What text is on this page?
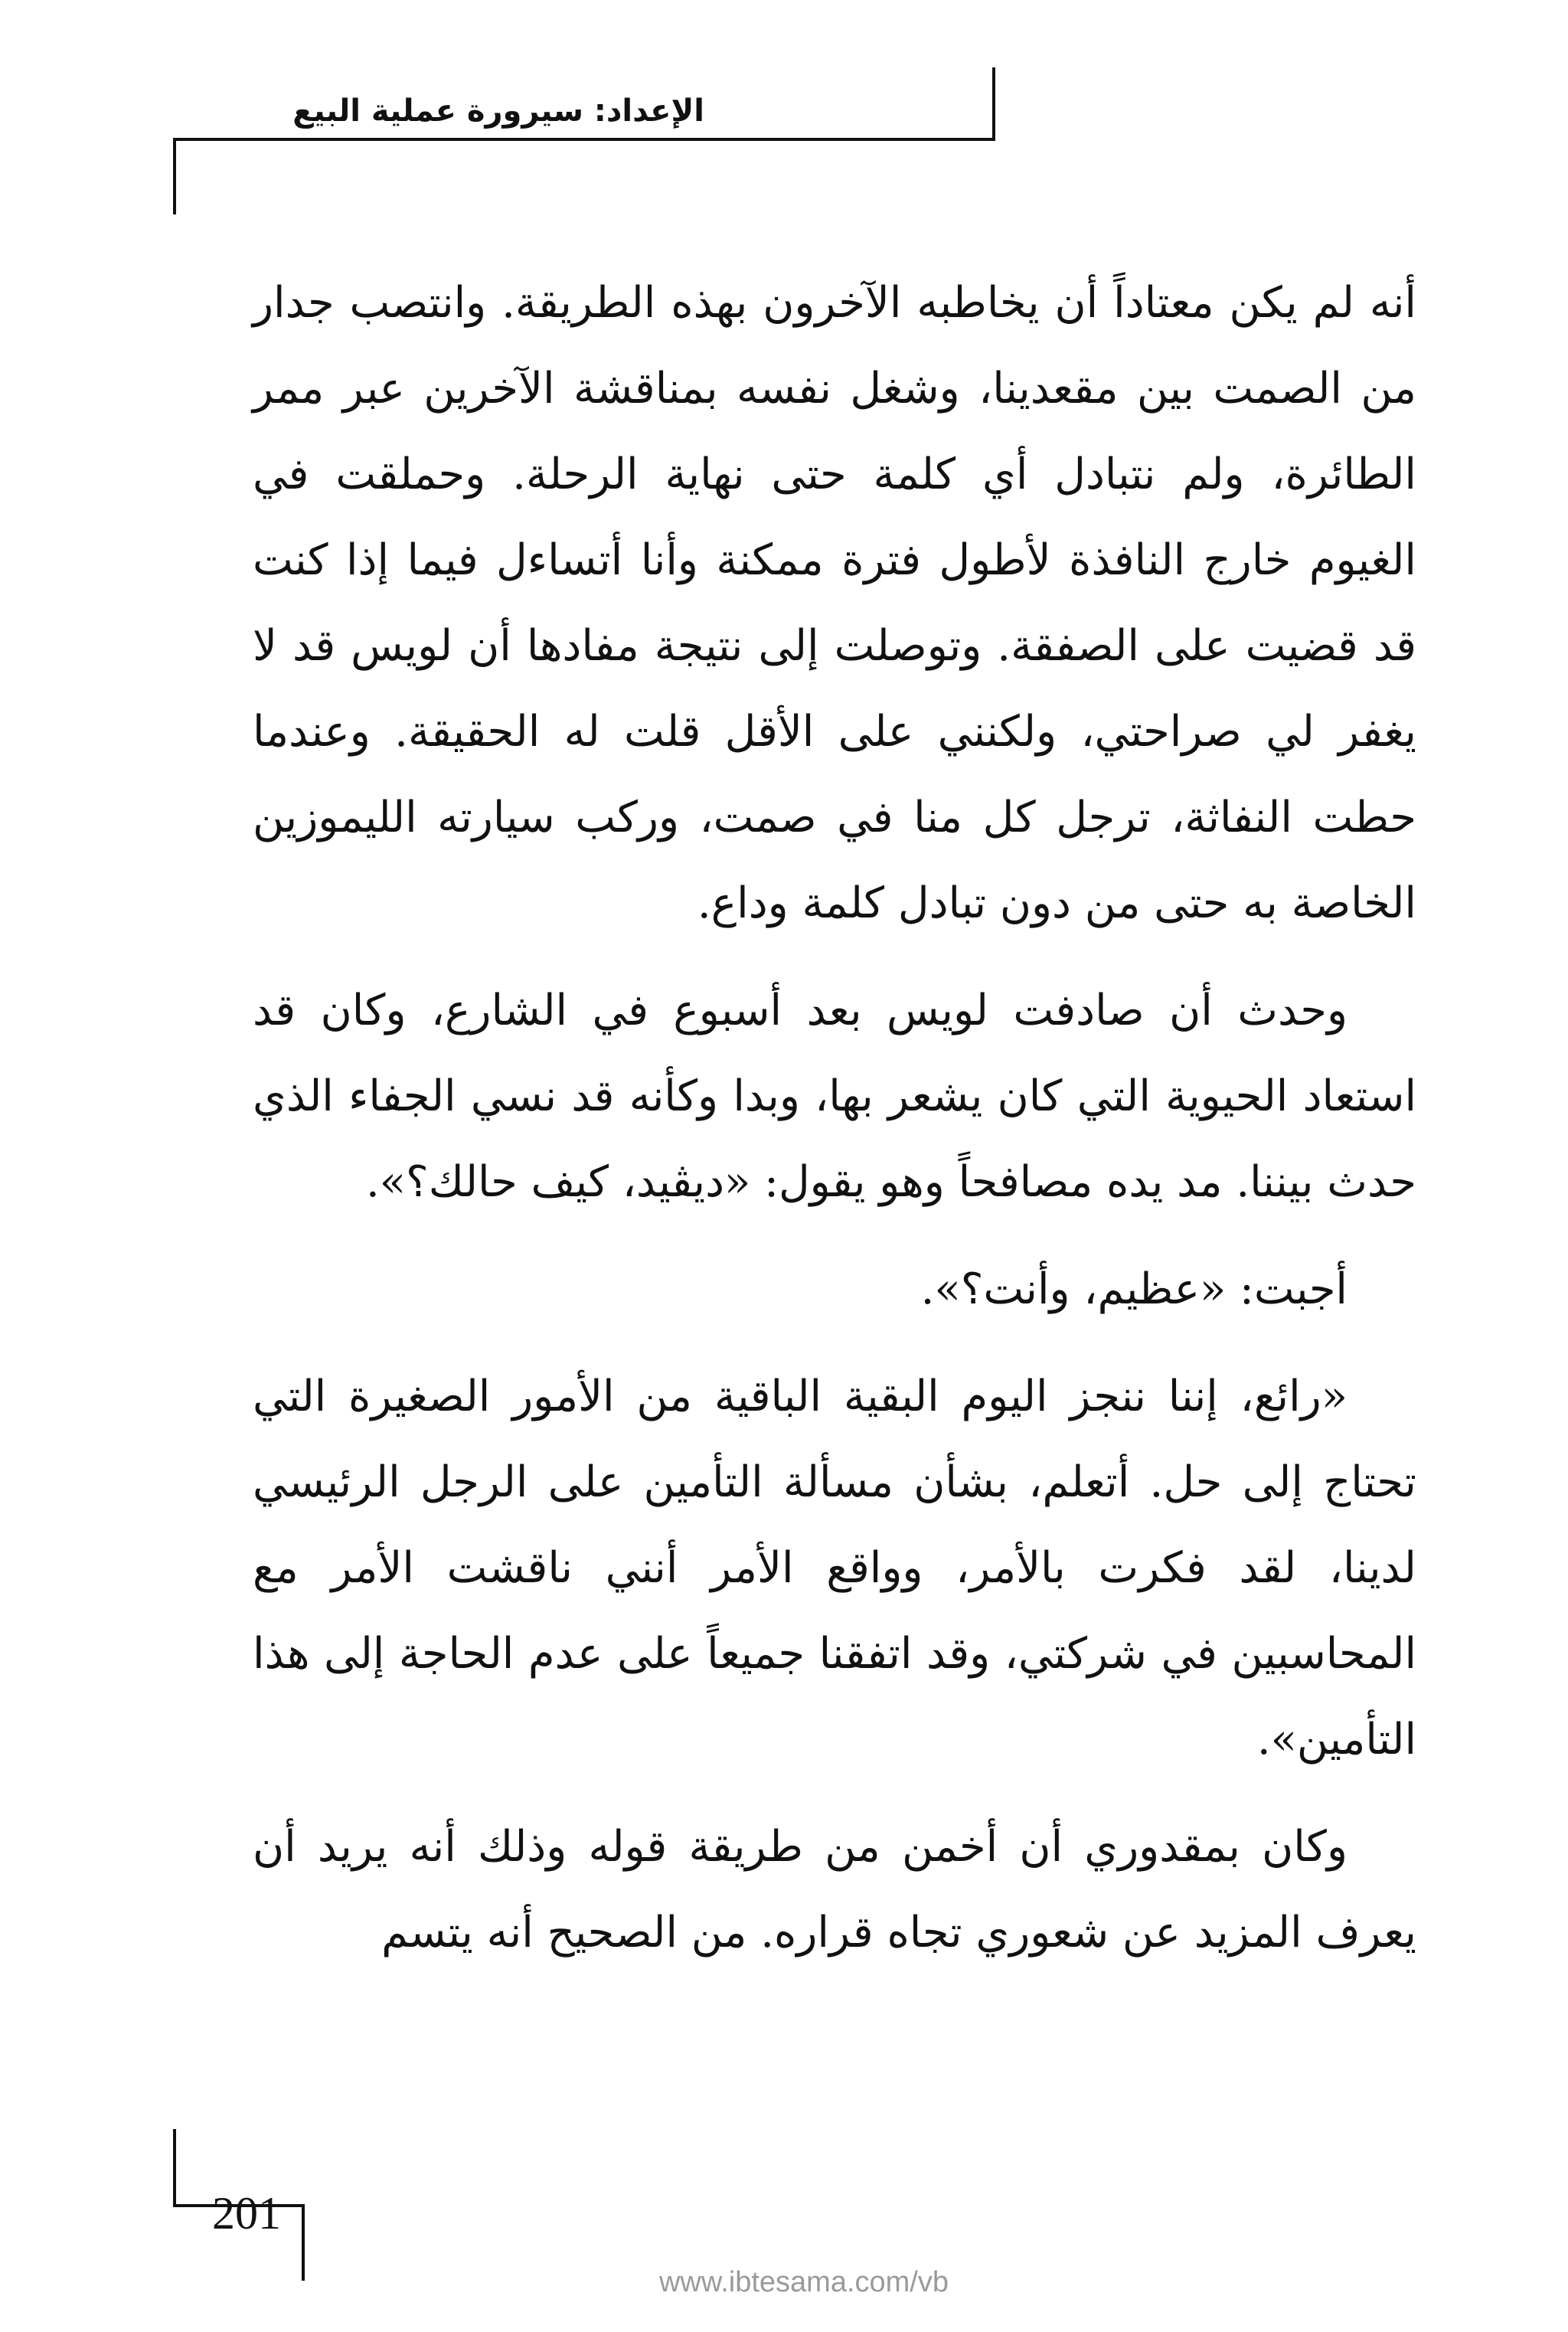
الإعداد: سيرورة عملية البيع

أنه لم يكن معتاداً أن يخاطبه الآخرون بهذه الطريقة. وانتصب جدار من الصمت بين مقعدينا، وشغل نفسه بمناقشة الآخرين عبر ممر الطائرة، ولم نتبادل أي كلمة حتى نهاية الرحلة. وحملقت في الغيوم خارج النافذة لأطول فترة ممكنة وأنا أتساءل فيما إذا كنت قد قضيت على الصفقة. وتوصلت إلى نتيجة مفادها أن لويس قد لا يغفر لي صراحتي، ولكنني على الأقل قلت له الحقيقة. وعندما حطت النفاثة، ترجل كل منا في صمت، وركب سيارته الليموزين الخاصة به حتى من دون تبادل كلمة وداع.

وحدث أن صادفت لويس بعد أسبوع في الشارع، وكان قد استعاد الحيوية التي كان يشعر بها، وبدا وكأنه قد نسي الجفاء الذي حدث بيننا. مد يده مصافحاً وهو يقول: «ديڤيد، كيف حالك؟».

أجبت: «عظيم، وأنت؟».

«رائع، إننا ننجز اليوم البقية الباقية من الأمور الصغيرة التي تحتاج إلى حل. أتعلم، بشأن مسألة التأمين على الرجل الرئيسي لدينا، لقد فكرت بالأمر، وواقع الأمر أنني ناقشت الأمر مع المحاسبين في شركتي، وقد اتفقنا جميعاً على عدم الحاجة إلى هذا التأمين».

وكان بمقدوري أن أخمن من طريقة قوله وذلك أنه يريد أن يعرف المزيد عن شعوري تجاه قراره. من الصحيح أنه يتسم

201
www.ibtesama.com/vb
